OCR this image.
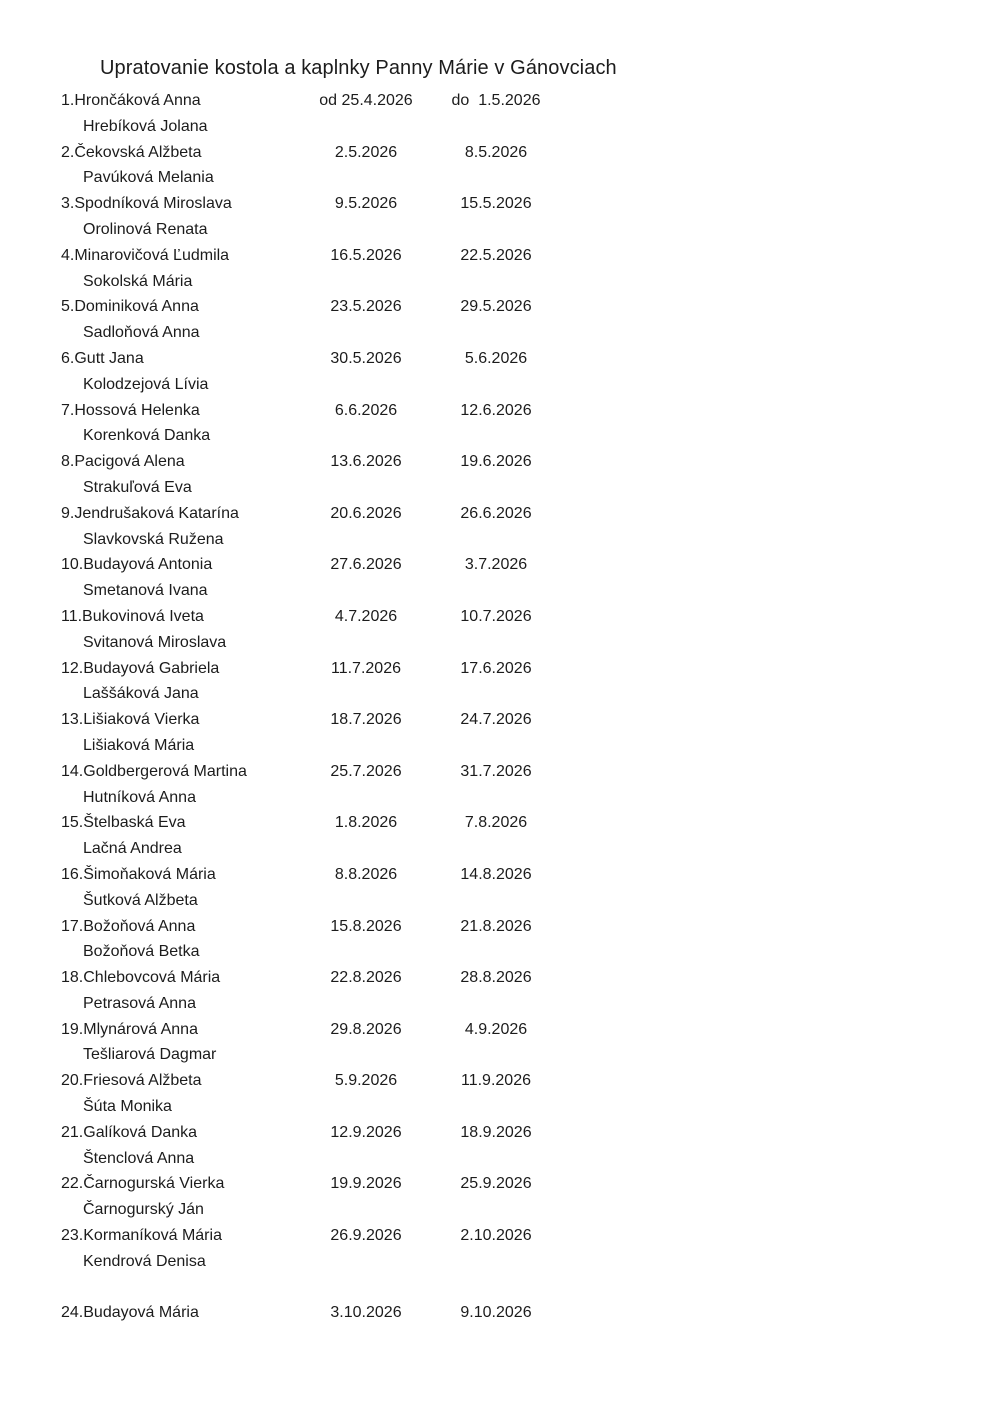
Upratovanie kostola a kaplnky Panny Márie v Gánovciach
1.Hrončáková Anna	od 25.4.2026	do  1.5.2026
Hrebíková Jolana
2.Čekovská Alžbeta	2.5.2026	8.5.2026
Pavúková Melania
3.Spodníková Miroslava	9.5.2026	15.5.2026
Orolinová Renata
4.Minarovičová Ľudmila	16.5.2026	22.5.2026
Sokolská Mária
5.Dominiková Anna	23.5.2026	29.5.2026
Sadloňová Anna
6.Gutt Jana	30.5.2026	5.6.2026
Kolodzejová Lívia
7.Hossová Helenka	6.6.2026	12.6.2026
Korenková Danka
8.Pacigová Alena	13.6.2026	19.6.2026
Strakuľová Eva
9.Jendrušaková Katarína	20.6.2026	26.6.2026
Slavkovská Ružena
10.Budayová Antonia	27.6.2026	3.7.2026
Smetanová Ivana
11.Bukovinová Iveta	4.7.2026	10.7.2026
Svitanová Miroslava
12.Budayová Gabriela	11.7.2026	17.6.2026
Laššáková Jana
13.Lišiaková Vierka	18.7.2026	24.7.2026
Lišiaková Mária
14.Goldbergerová Martina	25.7.2026	31.7.2026
Hutníková Anna
15.Štelbaská Eva	1.8.2026	7.8.2026
Lačná Andrea
16.Šimoňaková Mária	8.8.2026	14.8.2026
Šutková Alžbeta
17.Božoňová Anna	15.8.2026	21.8.2026
Božoňová Betka
18.Chlebovcová Mária	22.8.2026	28.8.2026
Petrasová Anna
19.Mlynárová Anna	29.8.2026	4.9.2026
Tešliarová Dagmar
20.Friesová Alžbeta	5.9.2026	11.9.2026
Šúta Monika
21.Galíková Danka	12.9.2026	18.9.2026
Štenclová Anna
22.Čarnogurská Vierka	19.9.2026	25.9.2026
Čarnogurský Ján
23.Kormaníková Mária	26.9.2026	2.10.2026
Kendrová Denisa
24.Budayová Mária	3.10.2026	9.10.2026
